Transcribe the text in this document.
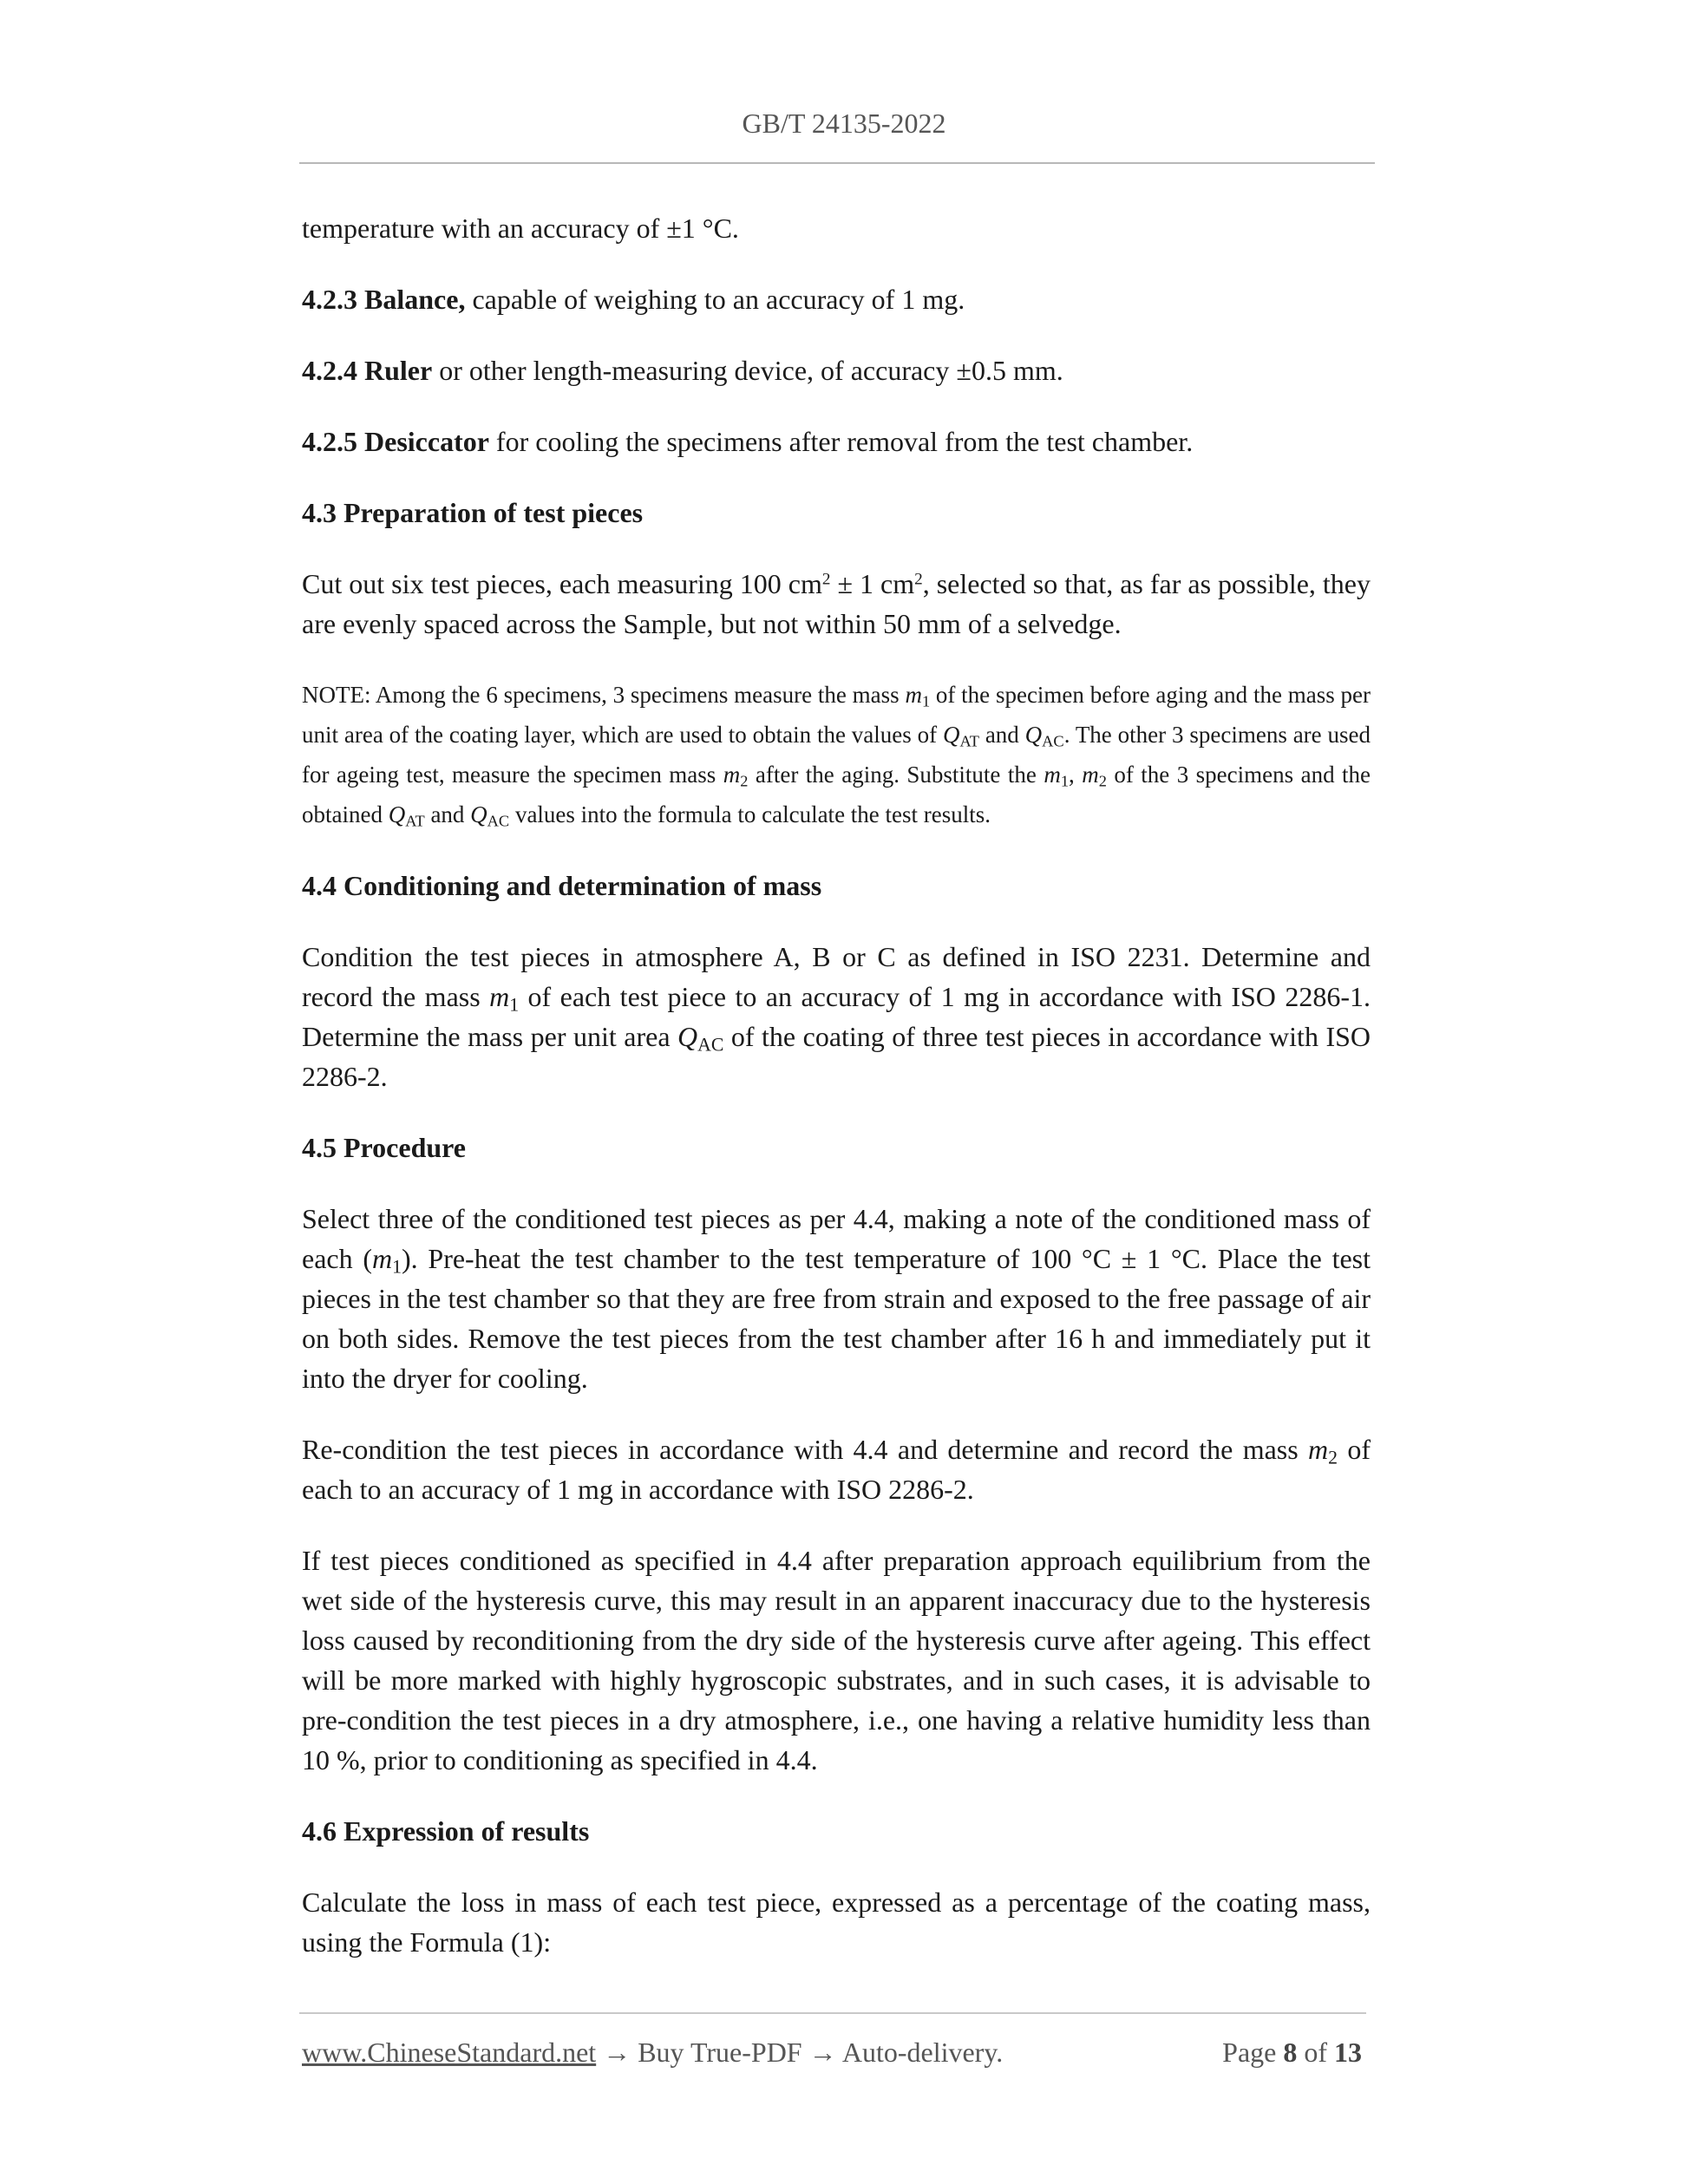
GB/T 24135-2022

temperature with an accuracy of ±1 °C.

4.2.3 Balance, capable of weighing to an accuracy of 1 mg.

4.2.4 Ruler or other length-measuring device, of accuracy ±0.5 mm.

4.2.5 Desiccator for cooling the specimens after removal from the test chamber.

4.3 Preparation of test pieces

Cut out six test pieces, each measuring 100 $cm^2 \pm 1$ $cm^2$, selected so that, as far as possible, they are evenly spaced across the Sample, but not within 50 mm of a selvedge.

NOTE: Among the 6 specimens, 3 specimens measure the mass $m_1$ of the specimen before aging and the mass per unit area of the coating layer, which are used to obtain the values of $Q_{AT}$ and $Q_{AC}$. The other 3 specimens are used for ageing test, measure the specimen mass $m_2$ after the aging. Substitute the $m_1$, $m_2$ of the 3 specimens and the obtained $Q_{AT}$ and $Q_{AC}$ values into the formula to calculate the test results.

4.4 Conditioning and determination of mass

Condition the test pieces in atmosphere A, B or C as defined in ISO 2231. Determine and record the mass $m_1$ of each test piece to an accuracy of 1 mg in accordance with ISO 2286-1. Determine the mass per unit area $Q_{AC}$ of the coating of three test pieces in accordance with ISO 2286-2.

4.5 Procedure

Select three of the conditioned test pieces as per 4.4, making a note of the conditioned mass of each $(m_1)$. Pre-heat the test chamber to the test temperature of 100 °C ± 1 °C. Place the test pieces in the test chamber so that they are free from strain and exposed to the free passage of air on both sides. Remove the test pieces from the test chamber after 16 h and immediately put it into the dryer for cooling.

Re-condition the test pieces in accordance with 4.4 and determine and record the mass $m_2$ of each to an accuracy of 1 mg in accordance with ISO 2286-2.

If test pieces conditioned as specified in 4.4 after preparation approach equilibrium from the wet side of the hysteresis curve, this may result in an apparent inaccuracy due to the hysteresis loss caused by reconditioning from the dry side of the hysteresis curve after ageing. This effect will be more marked with highly hygroscopic substrates, and in such cases, it is advisable to pre-condition the test pieces in a dry atmosphere, i.e., one having a relative humidity less than 10 %, prior to conditioning as specified in 4.4.

4.6 Expression of results

Calculate the loss in mass of each test piece, expressed as a percentage of the coating mass, using the Formula (1):

www.ChineseStandard.net → Buy True-PDF → Auto-delivery.	Page 8 of 13
